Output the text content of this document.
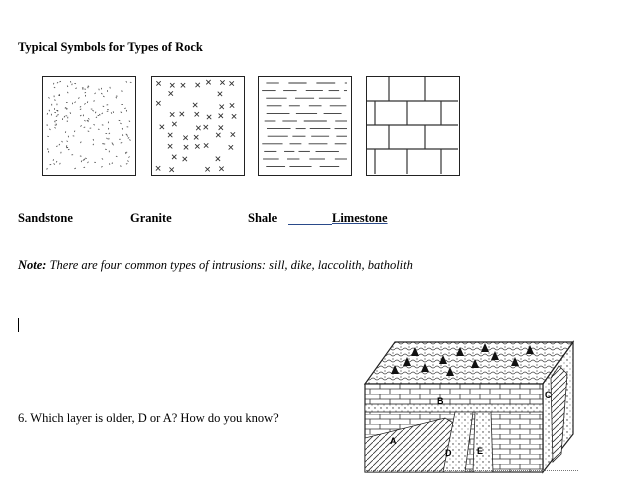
Typical Symbols for Types of Rock
Sandstone	Granite	Shale	Limestone
Note: There are four common types of intrusions: sill, dike, laccolith, batholith
6. Which layer is older, D or A? How do you know?
B
C
A
D	E
